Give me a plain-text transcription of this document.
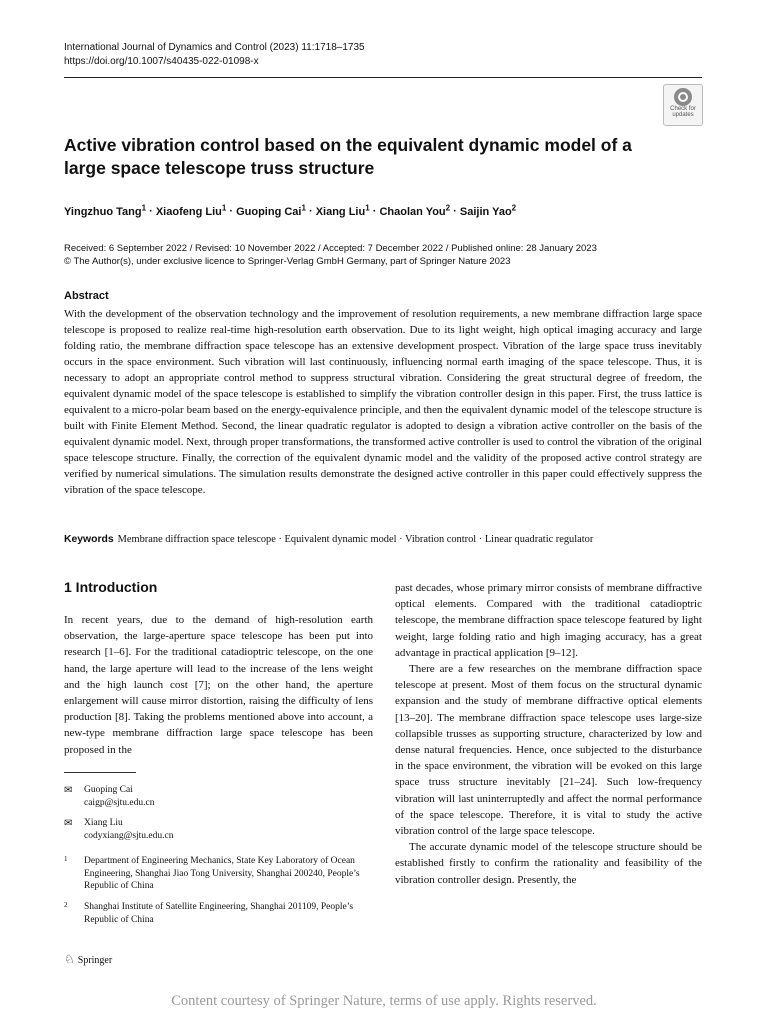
International Journal of Dynamics and Control (2023) 11:1718–1735
https://doi.org/10.1007/s40435-022-01098-x
Check for
updates
Active vibration control based on the equivalent dynamic model of a large space telescope truss structure
Yingzhuo Tang$^1$ · Xiaofeng Liu$^1$ · Guoping Cai$^1$ · Xiang Liu$^1$ · Chaolan You$^2$ · Saijin Yao$^2$
Received: 6 September 2022 / Revised: 10 November 2022 / Accepted: 7 December 2022 / Published online: 28 January 2023
© The Author(s), under exclusive licence to Springer-Verlag GmbH Germany, part of Springer Nature 2023
Abstract

With the development of the observation technology and the improvement of resolution requirements, a new membrane diffraction large space telescope is proposed to realize real-time high-resolution earth observation. Due to its light weight, high optical imaging accuracy and large folding ratio, the membrane diffraction space telescope has an extensive development prospect. Vibration of the large space truss inevitably occurs in the space environment. Such vibration will last continuously, influencing normal earth imaging of the space telescope. Thus, it is necessary to adopt an appropriate control method to suppress structural vibration. Considering the great structural degree of freedom, the equivalent dynamic model of the space telescope is established to simplify the vibration controller design in this paper. First, the truss lattice is equivalent to a micro-polar beam based on the energy-equivalence principle, and then the equivalent dynamic model of the telescope structure is built with Finite Element Method. Second, the linear quadratic regulator is adopted to design a vibration active controller on the basis of the equivalent dynamic model. Next, through proper transformations, the transformed active controller is used to control the vibration of the original space telescope structure. Finally, the correction of the equivalent dynamic model and the validity of the proposed active control strategy are verified by numerical simulations. The simulation results demonstrate the designed active controller in this paper could effectively suppress the vibration of the space telescope.

Keywords Membrane diffraction space telescope · Equivalent dynamic model · Vibration control · Linear quadratic regulator
1 Introduction

In recent years, due to the demand of high-resolution earth observation, the large-aperture space telescope has been put into research [1–6]. For the traditional catadioptric telescope, on the one hand, the large aperture will lead to the increase of the lens weight and the high launch cost [7]; on the other hand, the aperture enlargement will cause mirror distortion, raising the difficulty of lens production [8]. Taking the problems mentioned above into account, a new-type membrane diffraction large space telescope has been proposed in the

past decades, whose primary mirror consists of membrane diffractive optical elements. Compared with the traditional catadioptric telescope, the membrane diffraction space telescope featured by light weight, large folding ratio and high imaging accuracy, has a great advantage in practical application [9–12].

There are a few researches on the membrane diffraction space telescope at present. Most of them focus on the structural dynamic expansion and the study of membrane diffractive optical elements [13–20]. The membrane diffraction space telescope uses large-size collapsible trusses as supporting structure, characterized by low and dense natural frequencies. Hence, once subjected to the disturbance in the space environment, the vibration will be evoked on this large space truss structure inevitably [21–24]. Such low-frequency vibration will last uninterruptedly and affect the normal performance of the space telescope. Therefore, it is vital to study the active vibration control of the large space telescope.

The accurate dynamic model of the telescope structure should be established firstly to confirm the rationality and feasibility of the vibration controller design. Presently, the

✉ Guoping Cai
caigp@sjtu.edu.cn
✉ Xiang Liu
codyxiang@sjtu.edu.cn
1 Department of Engineering Mechanics, State Key Laboratory of Ocean Engineering, Shanghai Jiao Tong University, Shanghai 200240, People’s Republic of China
2 Shanghai Institute of Satellite Engineering, Shanghai 201109, People’s Republic of China
♘ Springer
Content courtesy of Springer Nature, terms of use apply. Rights reserved.
